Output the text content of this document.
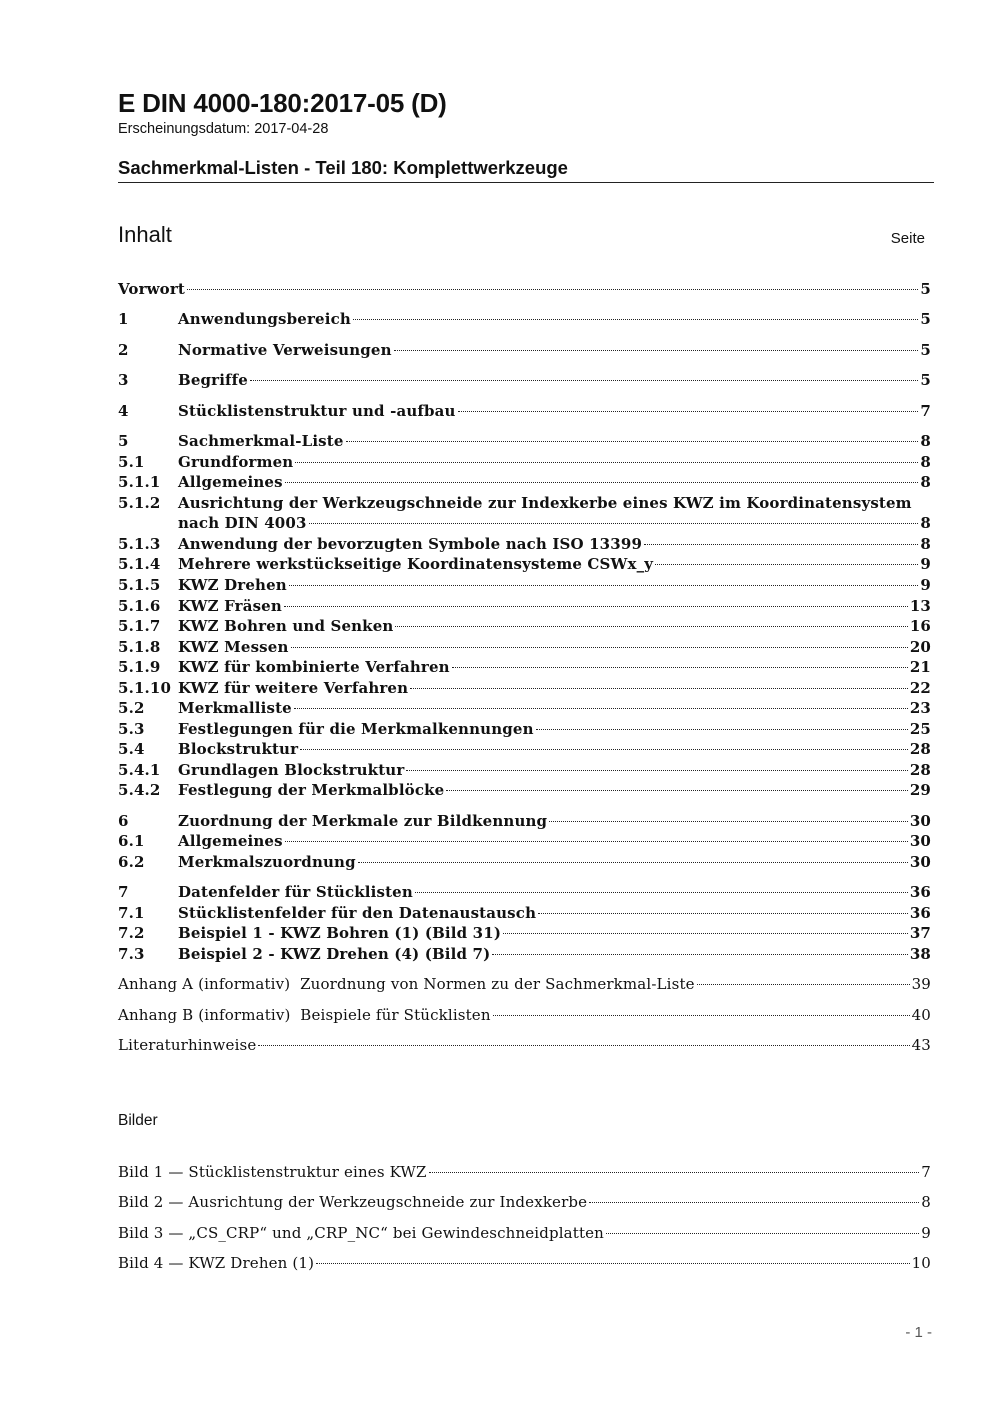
E DIN 4000-180:2017-05 (D)
Erscheinungsdatum: 2017-04-28
Sachmerkmal-Listen - Teil 180: Komplettwerkzeuge
Inhalt	Seite
Vorwort	5
1	Anwendungsbereich	5
2	Normative Verweisungen	5
3	Begriffe	5
4	Stücklistenstruktur und -aufbau	7
5	Sachmerkmal-Liste	8
5.1	Grundformen	8
5.1.1	Allgemeines	8
5.1.2	Ausrichtung der Werkzeugschneide zur Indexkerbe eines KWZ im Koordinatensystem
nach DIN 4003	8
5.1.3	Anwendung der bevorzugten Symbole nach ISO 13399	8
5.1.4	Mehrere werkstückseitige Koordinatensysteme CSWx_y	9
5.1.5	KWZ Drehen	9
5.1.6	KWZ Fräsen	13
5.1.7	KWZ Bohren und Senken	16
5.1.8	KWZ Messen	20
5.1.9	KWZ für kombinierte Verfahren	21
5.1.10 KWZ für weitere Verfahren	22
5.2	Merkmalliste	23
5.3	Festlegungen für die Merkmalkennungen	25
5.4	Blockstruktur	28
5.4.1	Grundlagen Blockstruktur	28
5.4.2	Festlegung der Merkmalblöcke	29
6	Zuordnung der Merkmale zur Bildkennung	30
6.1	Allgemeines	30
6.2	Merkmalszuordnung	30
7	Datenfelder für Stücklisten	36
7.1	Stücklistenfelder für den Datenaustausch	36
7.2	Beispiel 1 - KWZ Bohren (1) (Bild 31)	37
7.3	Beispiel 2 - KWZ Drehen (4) (Bild 7)	38
Anhang A (informativ) Zuordnung von Normen zu der Sachmerkmal-Liste	39
Anhang B (informativ) Beispiele für Stücklisten	40
Literaturhinweise	43
Bilder
Bild 1 — Stücklistenstruktur eines KWZ	7
Bild 2 — Ausrichtung der Werkzeugschneide zur Indexkerbe	8
Bild 3 — „CS_CRP“ und „CRP_NC“ bei Gewindeschneidplatten	9
Bild 4 — KWZ Drehen (1)	10
- 1 -
